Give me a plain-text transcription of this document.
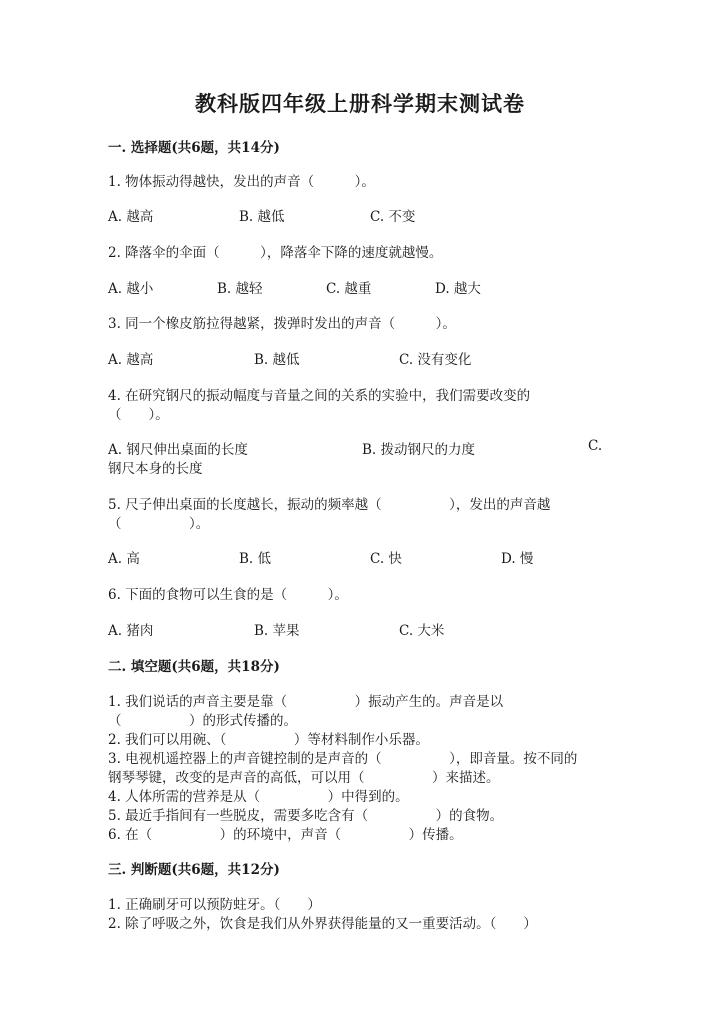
教科版四年级上册科学期末测试卷
一. 选择题(共6题，共14分)
1. 物体振动得越快，发出的声音（　　　）。
A. 越高	B. 越低	C. 不变
2. 降落伞的伞面（　　　），降落伞下降的速度就越慢。
A. 越小	B. 越轻	C. 越重	D. 越大
3. 同一个橡皮筋拉得越紧，拨弹时发出的声音（　　　）。
A. 越高	B. 越低	C. 没有变化
4. 在研究钢尺的振动幅度与音量之间的关系的实验中，我们需要改变的
（　　）。
A. 钢尺伸出桌面的长度	B. 拨动钢尺的力度	C.
钢尺本身的长度
5. 尺子伸出桌面的长度越长，振动的频率越（　　　　　），发出的声音越
（　　　　　）。
A. 高	B. 低	C. 快	D. 慢
6. 下面的食物可以生食的是（　　　）。
A. 猪肉	B. 苹果	C. 大米
二. 填空题(共6题，共18分)
1. 我们说话的声音主要是靠（　　　　　）振动产生的。声音是以
（　　　　　）的形式传播的。
2. 我们可以用碗、（　　　　　）等材料制作小乐器。
3. 电视机遥控器上的声音键控制的是声音的（　　　　　），即音量。按不同的
钢琴琴键，改变的是声音的高低，可以用（　　　　　）来描述。
4. 人体所需的营养是从（　　　　　）中得到的。
5. 最近手指间有一些脱皮，需要多吃含有（　　　　　）的食物。
6. 在（　　　　　）的环境中，声音（　　　　　）传播。
三. 判断题(共6题，共12分)
1. 正确刷牙可以预防蛀牙。（　　）
2. 除了呼吸之外，饮食是我们从外界获得能量的又一重要活动。（　　）
